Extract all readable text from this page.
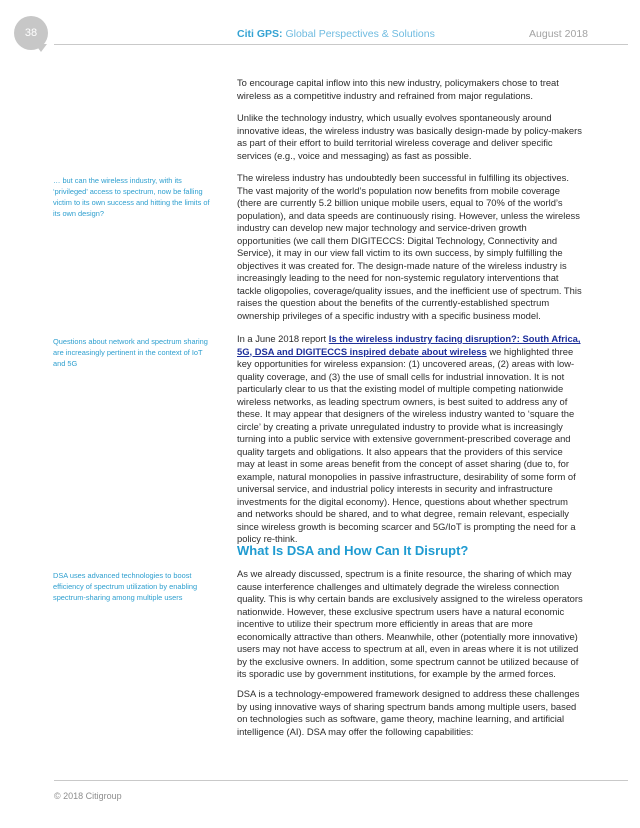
38	Citi GPS: Global Perspectives & Solutions	August 2018
… but can the wireless industry, with its ‘privileged’ access to spectrum, now be falling victim to its own success and hitting the limits of its own design?
Questions about network and spectrum sharing are increasingly pertinent in the context of IoT and 5G
DSA uses advanced technologies to boost efficiency of spectrum utilization by enabling spectrum-sharing among multiple users

To encourage capital inflow into this new industry, policymakers chose to treat wireless as a competitive industry and refrained from major regulations.

Unlike the technology industry, which usually evolves spontaneously around innovative ideas, the wireless industry was basically design-made by policy-makers as part of their effort to build territorial wireless coverage and deliver specific services (e.g., voice and messaging) as fast as possible.

The wireless industry has undoubtedly been successful in fulfilling its objectives. The vast majority of the world’s population now benefits from mobile coverage (there are currently 5.2 billion unique mobile users, equal to 70% of the world’s population), and data speeds are continuously rising. However, unless the wireless industry can develop new major technology and service-driven growth opportunities (we call them DIGITECCS: Digital Technology, Connectivity and Service), it may in our view fall victim to its own success, by simply fulfilling the objectives it was created for. The design-made nature of the wireless industry is increasingly leading to the need for non-systemic regulatory interventions that tackle oligopolies, coverage/quality issues, and the inefficient use of spectrum. This raises the question about the benefits of the currently-established spectrum ownership privileges of a specific industry with a specific business model.

In a June 2018 report Is the wireless industry facing disruption?: South Africa, 5G, DSA and DIGITECCS inspired debate about wireless we highlighted three key opportunities for wireless expansion: (1) uncovered areas, (2) areas with low-quality coverage, and (3) the use of small cells for industrial innovation. It is not particularly clear to us that the existing model of multiple competing nationwide wireless networks, as leading spectrum owners, is best suited to address any of these. It may appear that designers of the wireless industry wanted to ‘square the circle’ by creating a private unregulated industry to provide what is increasingly turning into a public service with extensive government-prescribed coverage and quality targets and obligations. It also appears that the providers of this service may at least in some areas benefit from the concept of asset sharing (due to, for example, natural monopolies in passive infrastructure, desirability of some form of universal service, and industrial policy interests in security and infrastructure investments for the digital economy). Hence, questions about whether spectrum and networks should be shared, and to what degree, remain relevant, especially since wireless growth is becoming scarcer and 5G/IoT is prompting the need for a policy re-think.

What Is DSA and How Can It Disrupt?

As we already discussed, spectrum is a finite resource, the sharing of which may cause interference challenges and ultimately degrade the wireless connection quality. This is why certain bands are exclusively assigned to the wireless operators nationwide. However, these exclusive spectrum users have a natural economic incentive to utilize their spectrum more efficiently in areas that are more economically attractive than others. Meanwhile, other (potentially more innovative) users may not have access to spectrum at all, even in areas where it is not utilized by the exclusive owners. In addition, some spectrum cannot be utilized because of its sporadic use by government institutions, for example by the armed forces.

DSA is a technology-empowered framework designed to address these challenges by using innovative ways of sharing spectrum bands among multiple users, based on technologies such as software, game theory, machine learning, and artificial intelligence (AI). DSA may offer the following capabilities:

© 2018 Citigroup
